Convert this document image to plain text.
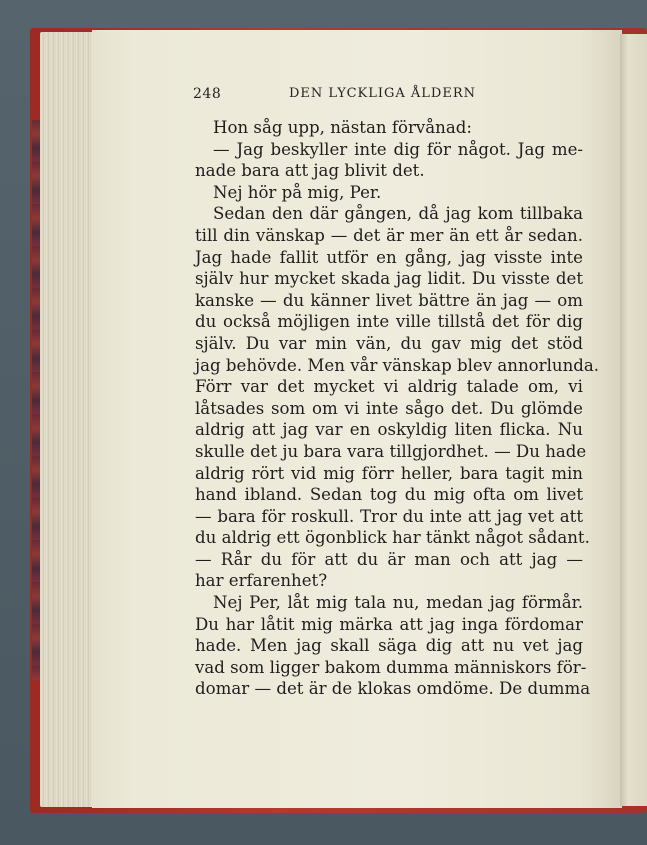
248	DEN LYCKLIGA ÅLDERN
Hon såg upp, nästan förvånad:
— Jag beskyller inte dig för något. Jag me-
nade bara att jag blivit det.
Nej hör på mig, Per.
Sedan den där gången, då jag kom tillbaka
till din vänskap — det är mer än ett år sedan.
Jag hade fallit utför en gång, jag visste inte
själv hur mycket skada jag lidit. Du visste det
kanske — du känner livet bättre än jag — om
du också möjligen inte ville tillstå det för dig
själv. Du var min vän, du gav mig det stöd
jag behövde. Men vår vänskap blev annorlunda.
Förr var det mycket vi aldrig talade om, vi
låtsades som om vi inte sågo det. Du glömde
aldrig att jag var en oskyldig liten flicka. Nu
skulle det ju bara vara tillgjordhet. — Du hade
aldrig rört vid mig förr heller, bara tagit min
hand ibland. Sedan tog du mig ofta om livet
— bara för roskull. Tror du inte att jag vet att
du aldrig ett ögonblick har tänkt något sådant.
— Rår du för att du är man och att jag —
har erfarenhet?
Nej Per, låt mig tala nu, medan jag förmår.
Du har låtit mig märka att jag inga fördomar
hade. Men jag skall säga dig att nu vet jag
vad som ligger bakom dumma människors för-
domar — det är de klokas omdöme. De dumma
